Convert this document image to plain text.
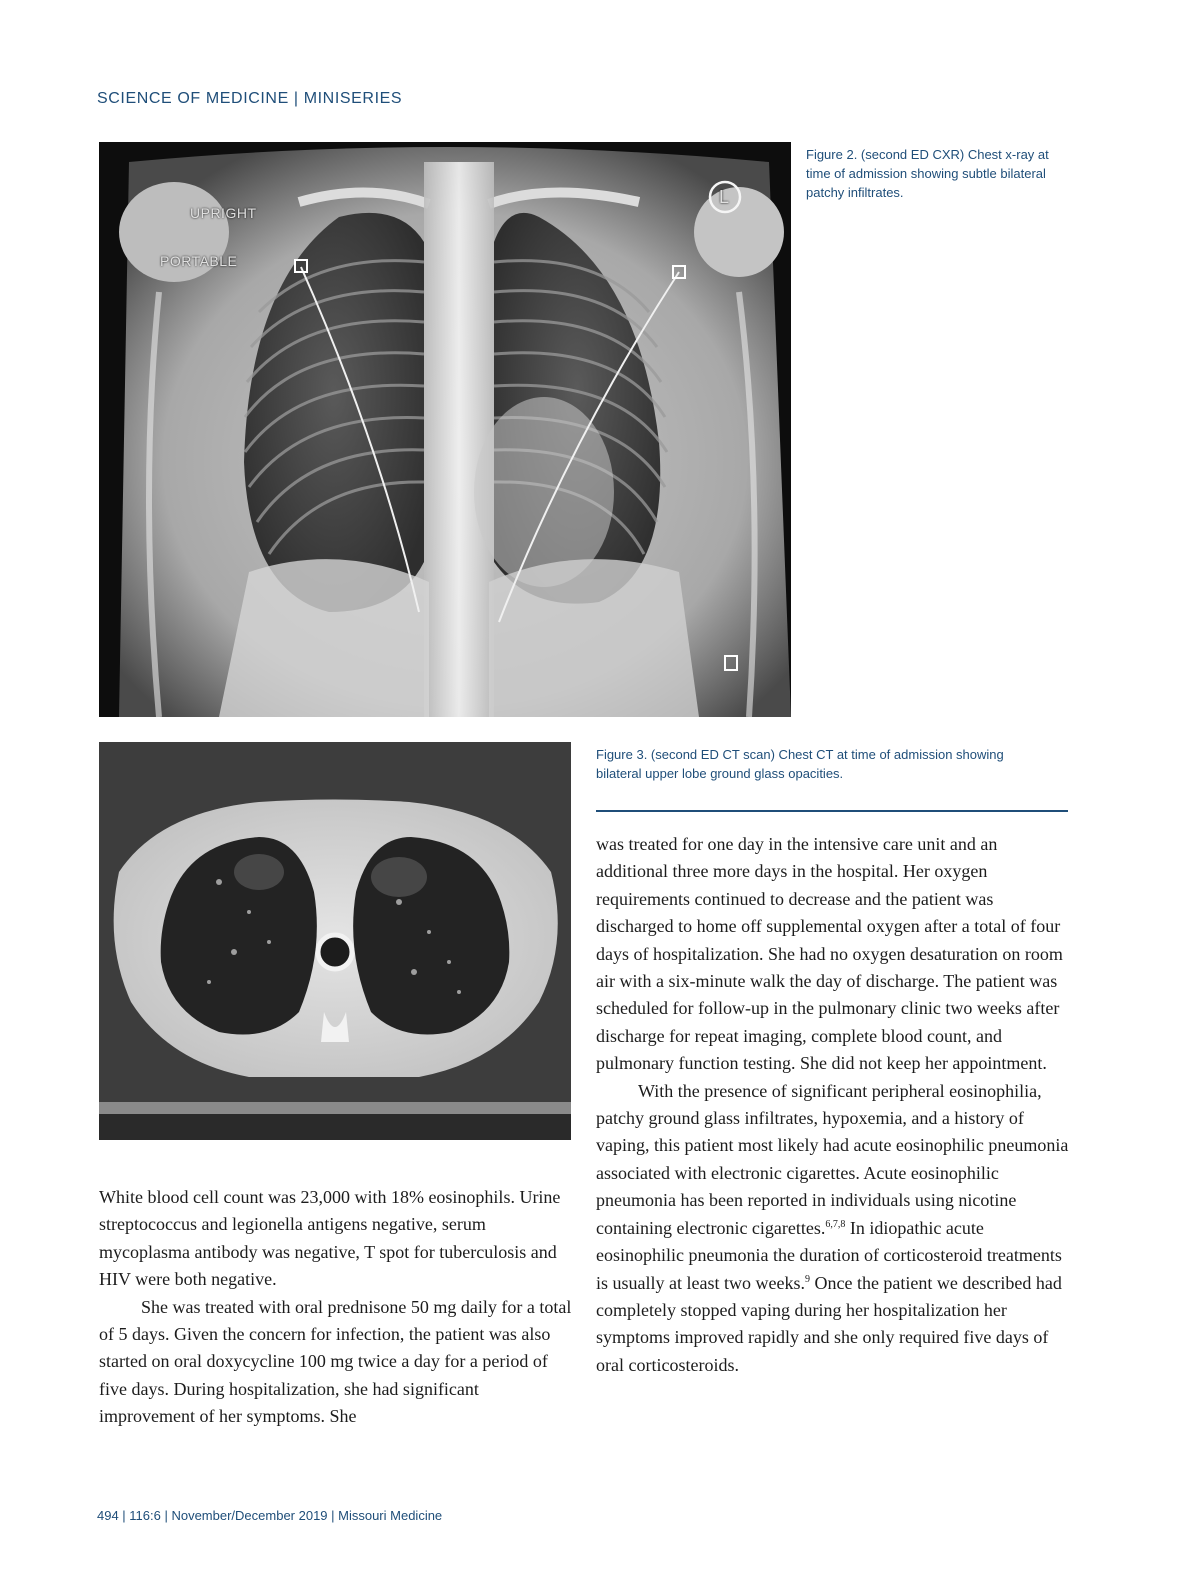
SCIENCE OF MEDICINE | MINISERIES
UPRIGHT
PORTABLE
L
Figure 2. (second ED CXR) Chest x-ray at time of admission showing subtle bilateral patchy infiltrates.
Figure 3. (second ED CT scan) Chest CT at time of admission showing bilateral upper lobe ground glass opacities.

White blood cell count was 23,000 with 18% eosinophils. Urine streptococcus and legionella antigens negative, serum mycoplasma antibody was negative, T spot for tuberculosis and HIV were both negative.

She was treated with oral prednisone 50 mg daily for a total of 5 days. Given the concern for infection, the patient was also started on oral doxycycline 100 mg twice a day for a period of five days. During hospitalization, she had significant improvement of her symptoms. She

was treated for one day in the intensive care unit and an additional three more days in the hospital. Her oxygen requirements continued to decrease and the patient was discharged to home off supplemental oxygen after a total of four days of hospitalization. She had no oxygen desaturation on room air with a six-minute walk the day of discharge. The patient was scheduled for follow-up in the pulmonary clinic two weeks after discharge for repeat imaging, complete blood count, and pulmonary function testing. She did not keep her appointment.

With the presence of significant peripheral eosinophilia, patchy ground glass infiltrates, hypoxemia, and a history of vaping, this patient most likely had acute eosinophilic pneumonia associated with electronic cigarettes. Acute eosinophilic pneumonia has been reported in individuals using nicotine containing electronic cigarettes.$^{6,7,8}$ In idiopathic acute eosinophilic pneumonia the duration of corticosteroid treatments is usually at least two weeks.$^9$ Once the patient we described had completely stopped vaping during her hospitalization her symptoms improved rapidly and she only required five days of oral corticosteroids.

494 | 116:6 | November/December 2019 | Missouri Medicine
